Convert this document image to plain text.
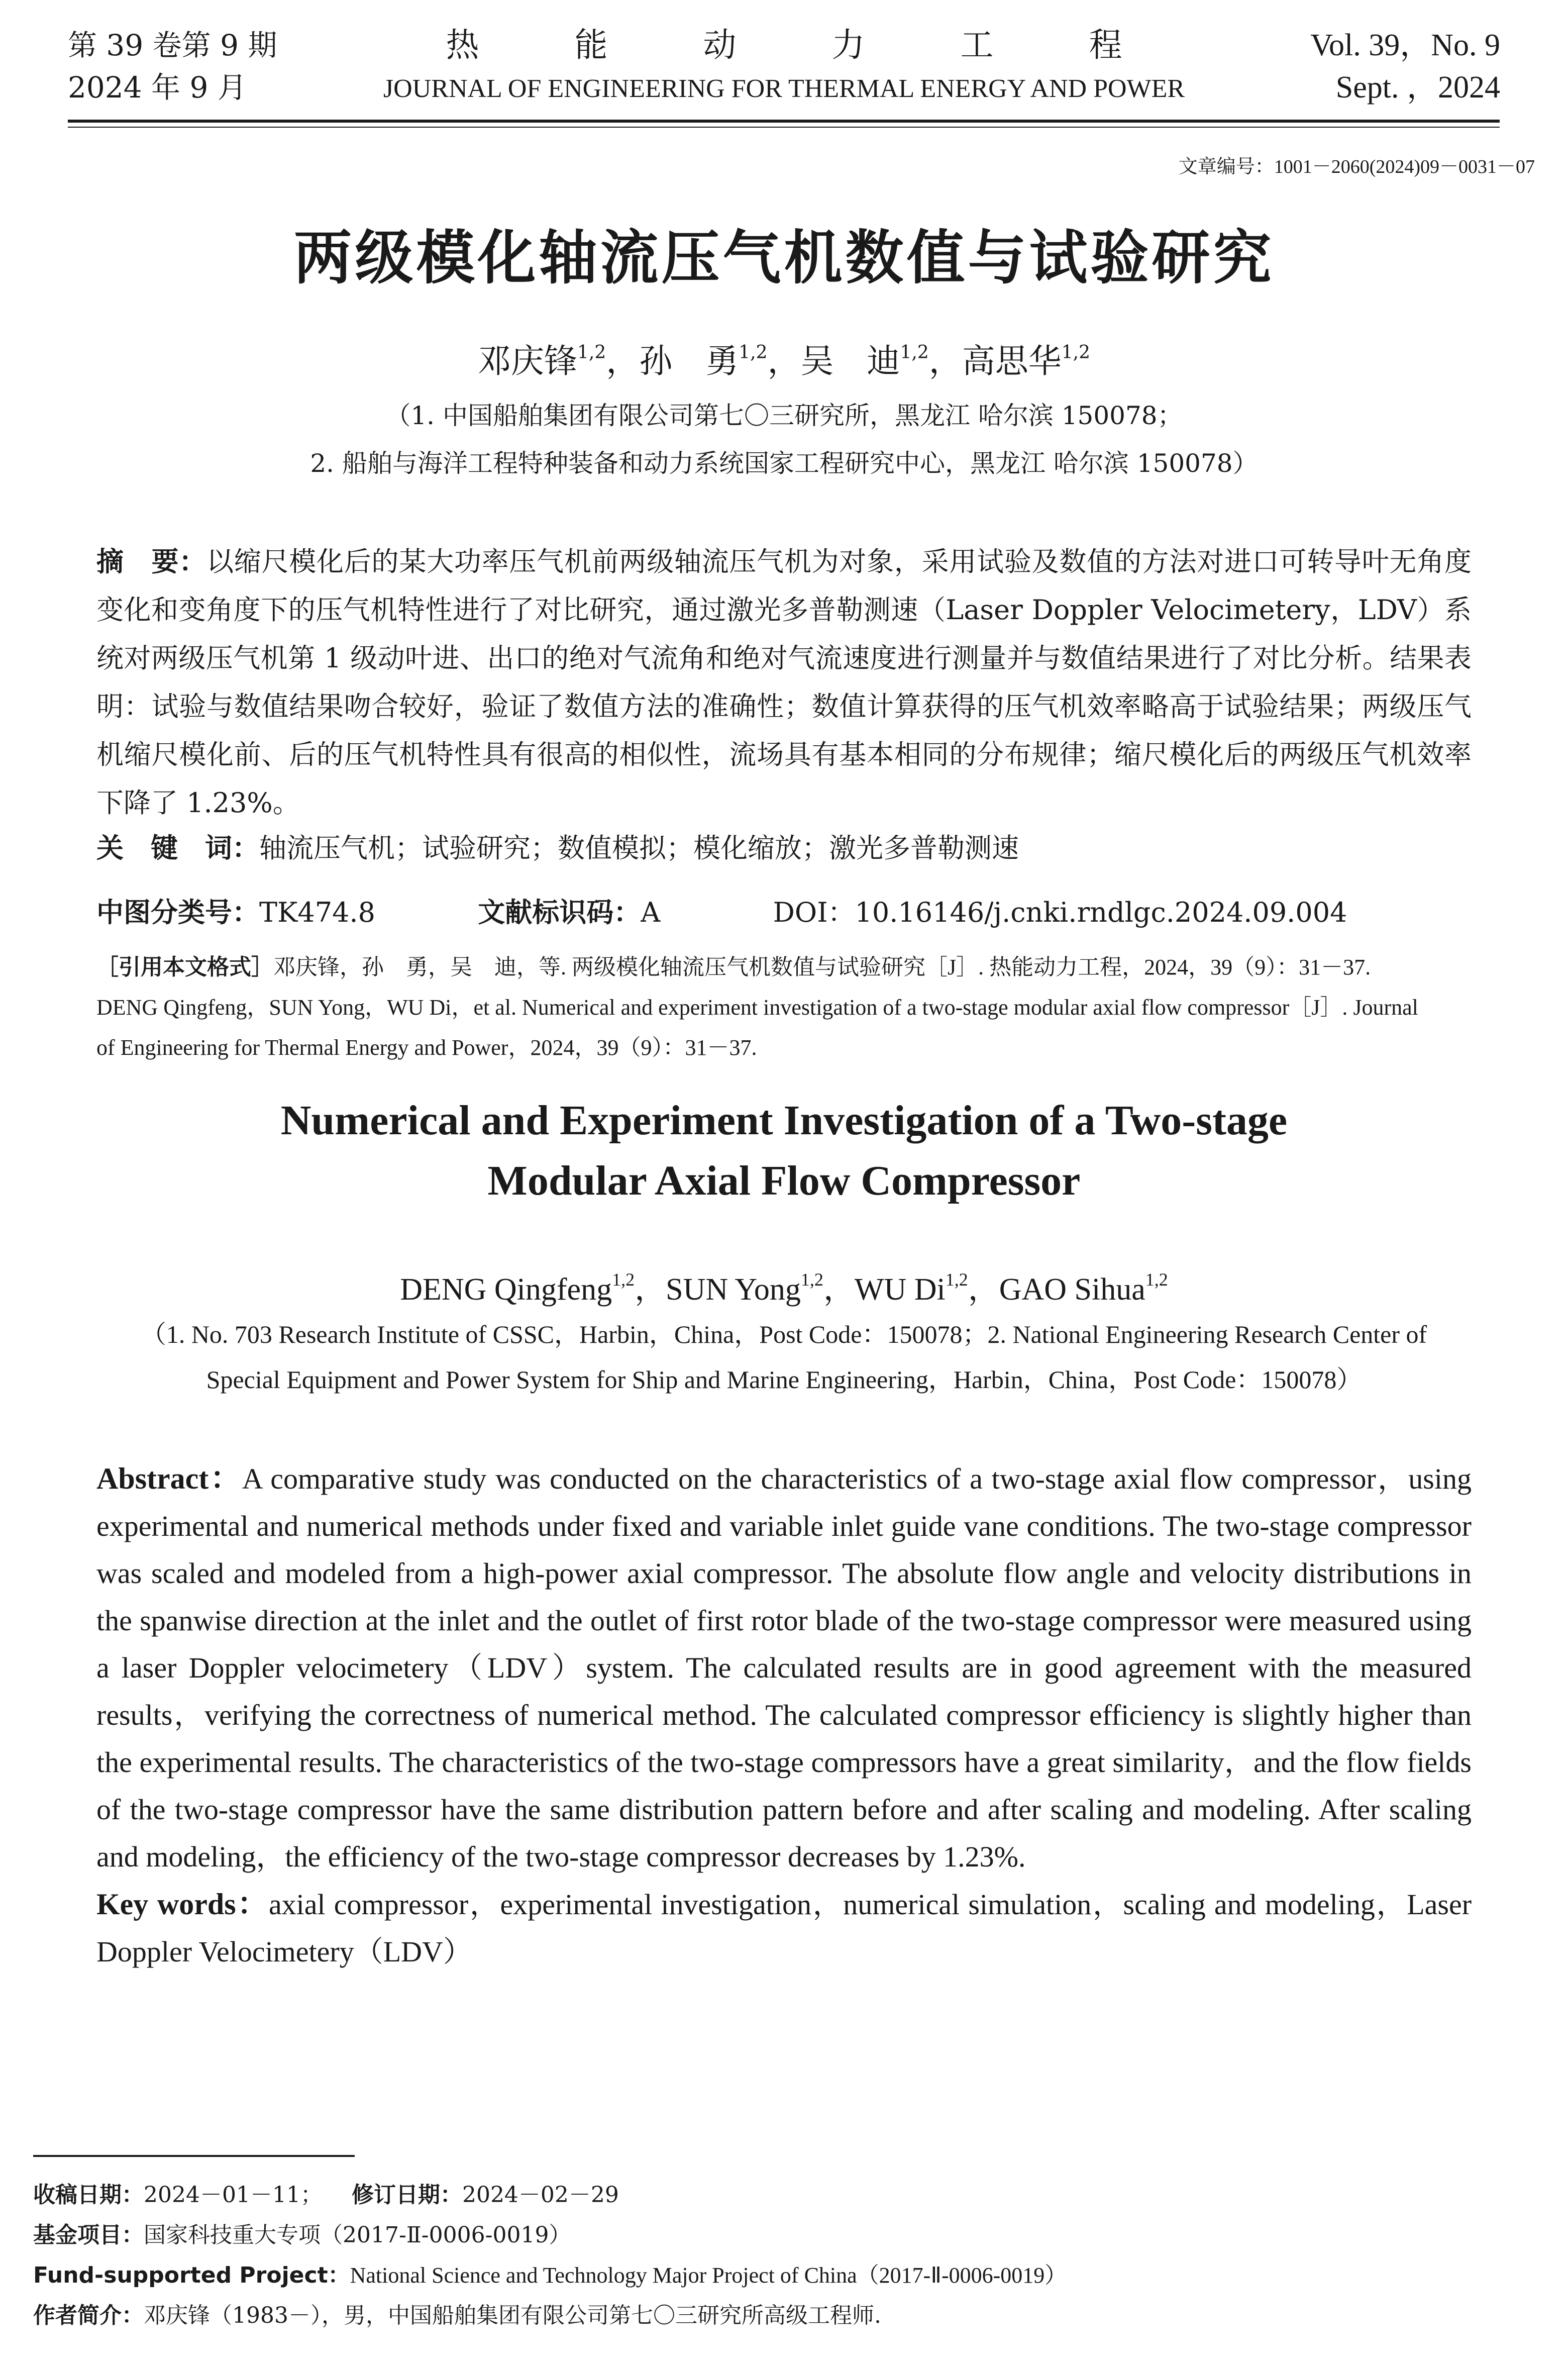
第 39 卷第 9 期
2024 年 9 月
热能动力工程
JOURNAL OF ENGINEERING FOR THERMAL ENERGY AND POWER
Vol. 39，No. 9
Sept. ，2024
文章编号：1001－2060(2024)09－0031－07
两级模化轴流压气机数值与试验研究
邓庆锋$^{1,2}$，孙　勇$^{1,2}$，吴　迪$^{1,2}$，高思华$^{1,2}$
（1. 中国船舶集团有限公司第七〇三研究所，黑龙江 哈尔滨 150078；
2. 船舶与海洋工程特种装备和动力系统国家工程研究中心，黑龙江 哈尔滨 150078）
摘　要：以缩尺模化后的某大功率压气机前两级轴流压气机为对象，采用试验及数值的方法对进口可转导叶无角度变化和变角度下的压气机特性进行了对比研究，通过激光多普勒测速（Laser Doppler Velocimetery，LDV）系统对两级压气机第 1 级动叶进、出口的绝对气流角和绝对气流速度进行测量并与数值结果进行了对比分析。结果表明：试验与数值结果吻合较好，验证了数值方法的准确性；数值计算获得的压气机效率略高于试验结果；两级压气机缩尺模化前、后的压气机特性具有很高的相似性，流场具有基本相同的分布规律；缩尺模化后的两级压气机效率下降了 1.23%。
关　键　词：轴流压气机；试验研究；数值模拟；模化缩放；激光多普勒测速
中图分类号：TK474.8	文献标识码：A	DOI：10.16146/j.cnki.rndlgc.2024.09.004
［引用本文格式］邓庆锋，孙　勇，吴　迪，等. 两级模化轴流压气机数值与试验研究［J］. 热能动力工程，2024，39（9）：31－37.
DENG Qingfeng，SUN Yong，WU Di，et al. Numerical and experiment investigation of a two-stage modular axial flow compressor［J］. Journal
of Engineering for Thermal Energy and Power，2024，39（9）：31－37.
Numerical and Experiment Investigation of a Two-stage
Modular Axial Flow Compressor
DENG Qingfeng$^{1,2}$，SUN Yong$^{1,2}$，WU Di$^{1,2}$，GAO Sihua$^{1,2}$
（1. No. 703 Research Institute of CSSC，Harbin，China，Post Code：150078；2. National Engineering Research Center of
Special Equipment and Power System for Ship and Marine Engineering，Harbin，China，Post Code：150078）
Abstract：A comparative study was conducted on the characteristics of a two-stage axial flow compressor，using experimental and numerical methods under fixed and variable inlet guide vane conditions. The two-stage compressor was scaled and modeled from a high-power axial compressor. The absolute flow angle and velocity distributions in the spanwise direction at the inlet and the outlet of first rotor blade of the two-stage compressor were measured using a laser Doppler velocimetery（LDV）system. The calculated results are in good agreement with the measured results，verifying the correctness of numerical method. The calculated compressor efficiency is slightly higher than the experimental results. The characteristics of the two-stage compressors have a great similarity，and the flow fields of the two-stage compressor have the same distribution pattern before and after scaling and modeling. After scaling and modeling，the efficiency of the two-stage compressor decreases by 1.23%.
Key words：axial compressor，experimental investigation，numerical simulation，scaling and modeling，Laser Doppler Velocimetery（LDV）
收稿日期：2024－01－11； 修订日期：2024－02－29
基金项目：国家科技重大专项（2017-Ⅱ-0006-0019）
Fund-supported Project：National Science and Technology Major Project of China（2017-Ⅱ-0006-0019）
作者简介：邓庆锋（1983－），男，中国船舶集团有限公司第七〇三研究所高级工程师.
